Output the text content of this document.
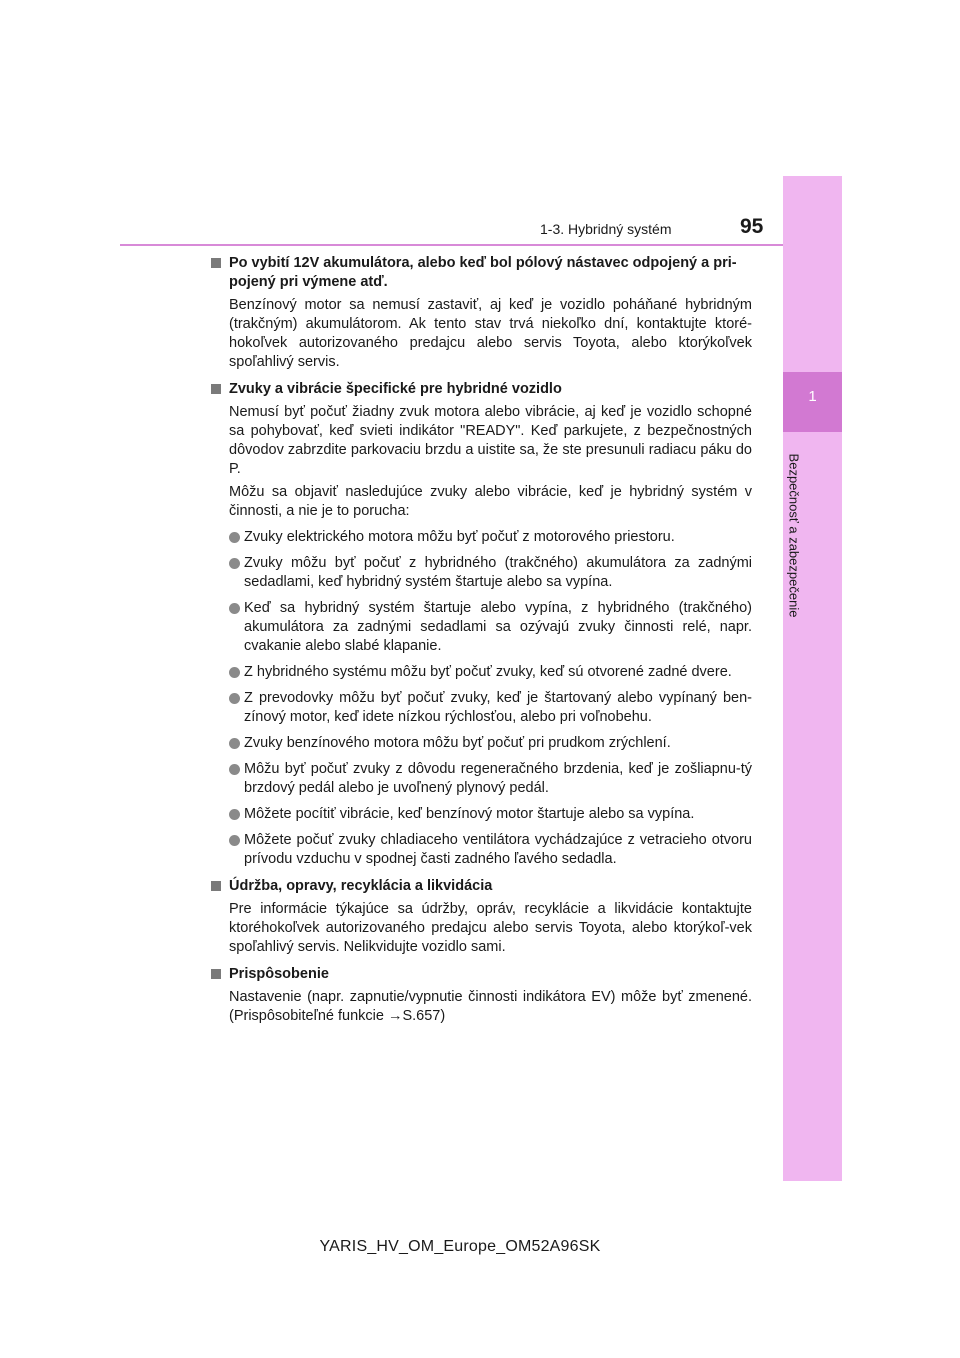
1
Bezpečnosť a zabezpečenie
1-3. Hybridný systém	95

Po vybití 12V akumulátora, alebo keď bol pólový nástavec odpojený a pri-pojený pri výmene atď.

Benzínový motor sa nemusí zastaviť, aj keď je vozidlo poháňané hybridným (trakčným) akumulátorom. Ak tento stav trvá niekoľko dní, kontaktujte ktoré-hokoľvek autorizovaného predajcu alebo servis Toyota, alebo ktorýkoľvek spoľahlivý servis.

Zvuky a vibrácie špecifické pre hybridné vozidlo

Nemusí byť počuť žiadny zvuk motora alebo vibrácie, aj keď je vozidlo schopné sa pohybovať, keď svieti indikátor "READY". Keď parkujete, z bezpečnostných dôvodov zabrzdite parkovaciu brzdu a uistite sa, že ste presunuli radiacu páku do P.

Môžu sa objaviť nasledujúce zvuky alebo vibrácie, keď je hybridný systém v činnosti, a nie je to porucha:

Zvuky elektrického motora môžu byť počuť z motorového priestoru.

Zvuky môžu byť počuť z hybridného (trakčného) akumulátora za zadnými sedadlami, keď hybridný systém štartuje alebo sa vypína.

Keď sa hybridný systém štartuje alebo vypína, z hybridného (trakčného) akumulátora za zadnými sedadlami sa ozývajú zvuky činnosti relé, napr. cvakanie alebo slabé klapanie.

Z hybridného systému môžu byť počuť zvuky, keď sú otvorené zadné dvere.

Z prevodovky môžu byť počuť zvuky, keď je štartovaný alebo vypínaný ben-zínový motor, keď idete nízkou rýchlosťou, alebo pri voľnobehu.

Zvuky benzínového motora môžu byť počuť pri prudkom zrýchlení.

Môžu byť počuť zvuky z dôvodu regeneračného brzdenia, keď je zošliapnu-tý brzdový pedál alebo je uvoľnený plynový pedál.

Môžete pocítiť vibrácie, keď benzínový motor štartuje alebo sa vypína.

Môžete počuť zvuky chladiaceho ventilátora vychádzajúce z vetracieho otvoru prívodu vzduchu v spodnej časti zadného ľavého sedadla.

Údržba, opravy, recyklácia a likvidácia

Pre informácie týkajúce sa údržby, opráv, recyklácie a likvidácie kontaktujte ktoréhokoľvek autorizovaného predajcu alebo servis Toyota, alebo ktorýkoľ-vek spoľahlivý servis. Nelikvidujte vozidlo sami.

Prispôsobenie

Nastavenie (napr. zapnutie/vypnutie činnosti indikátora EV) môže byť zmenené. (Prispôsobiteľné funkcie →S.657)

YARIS_HV_OM_Europe_OM52A96SK
